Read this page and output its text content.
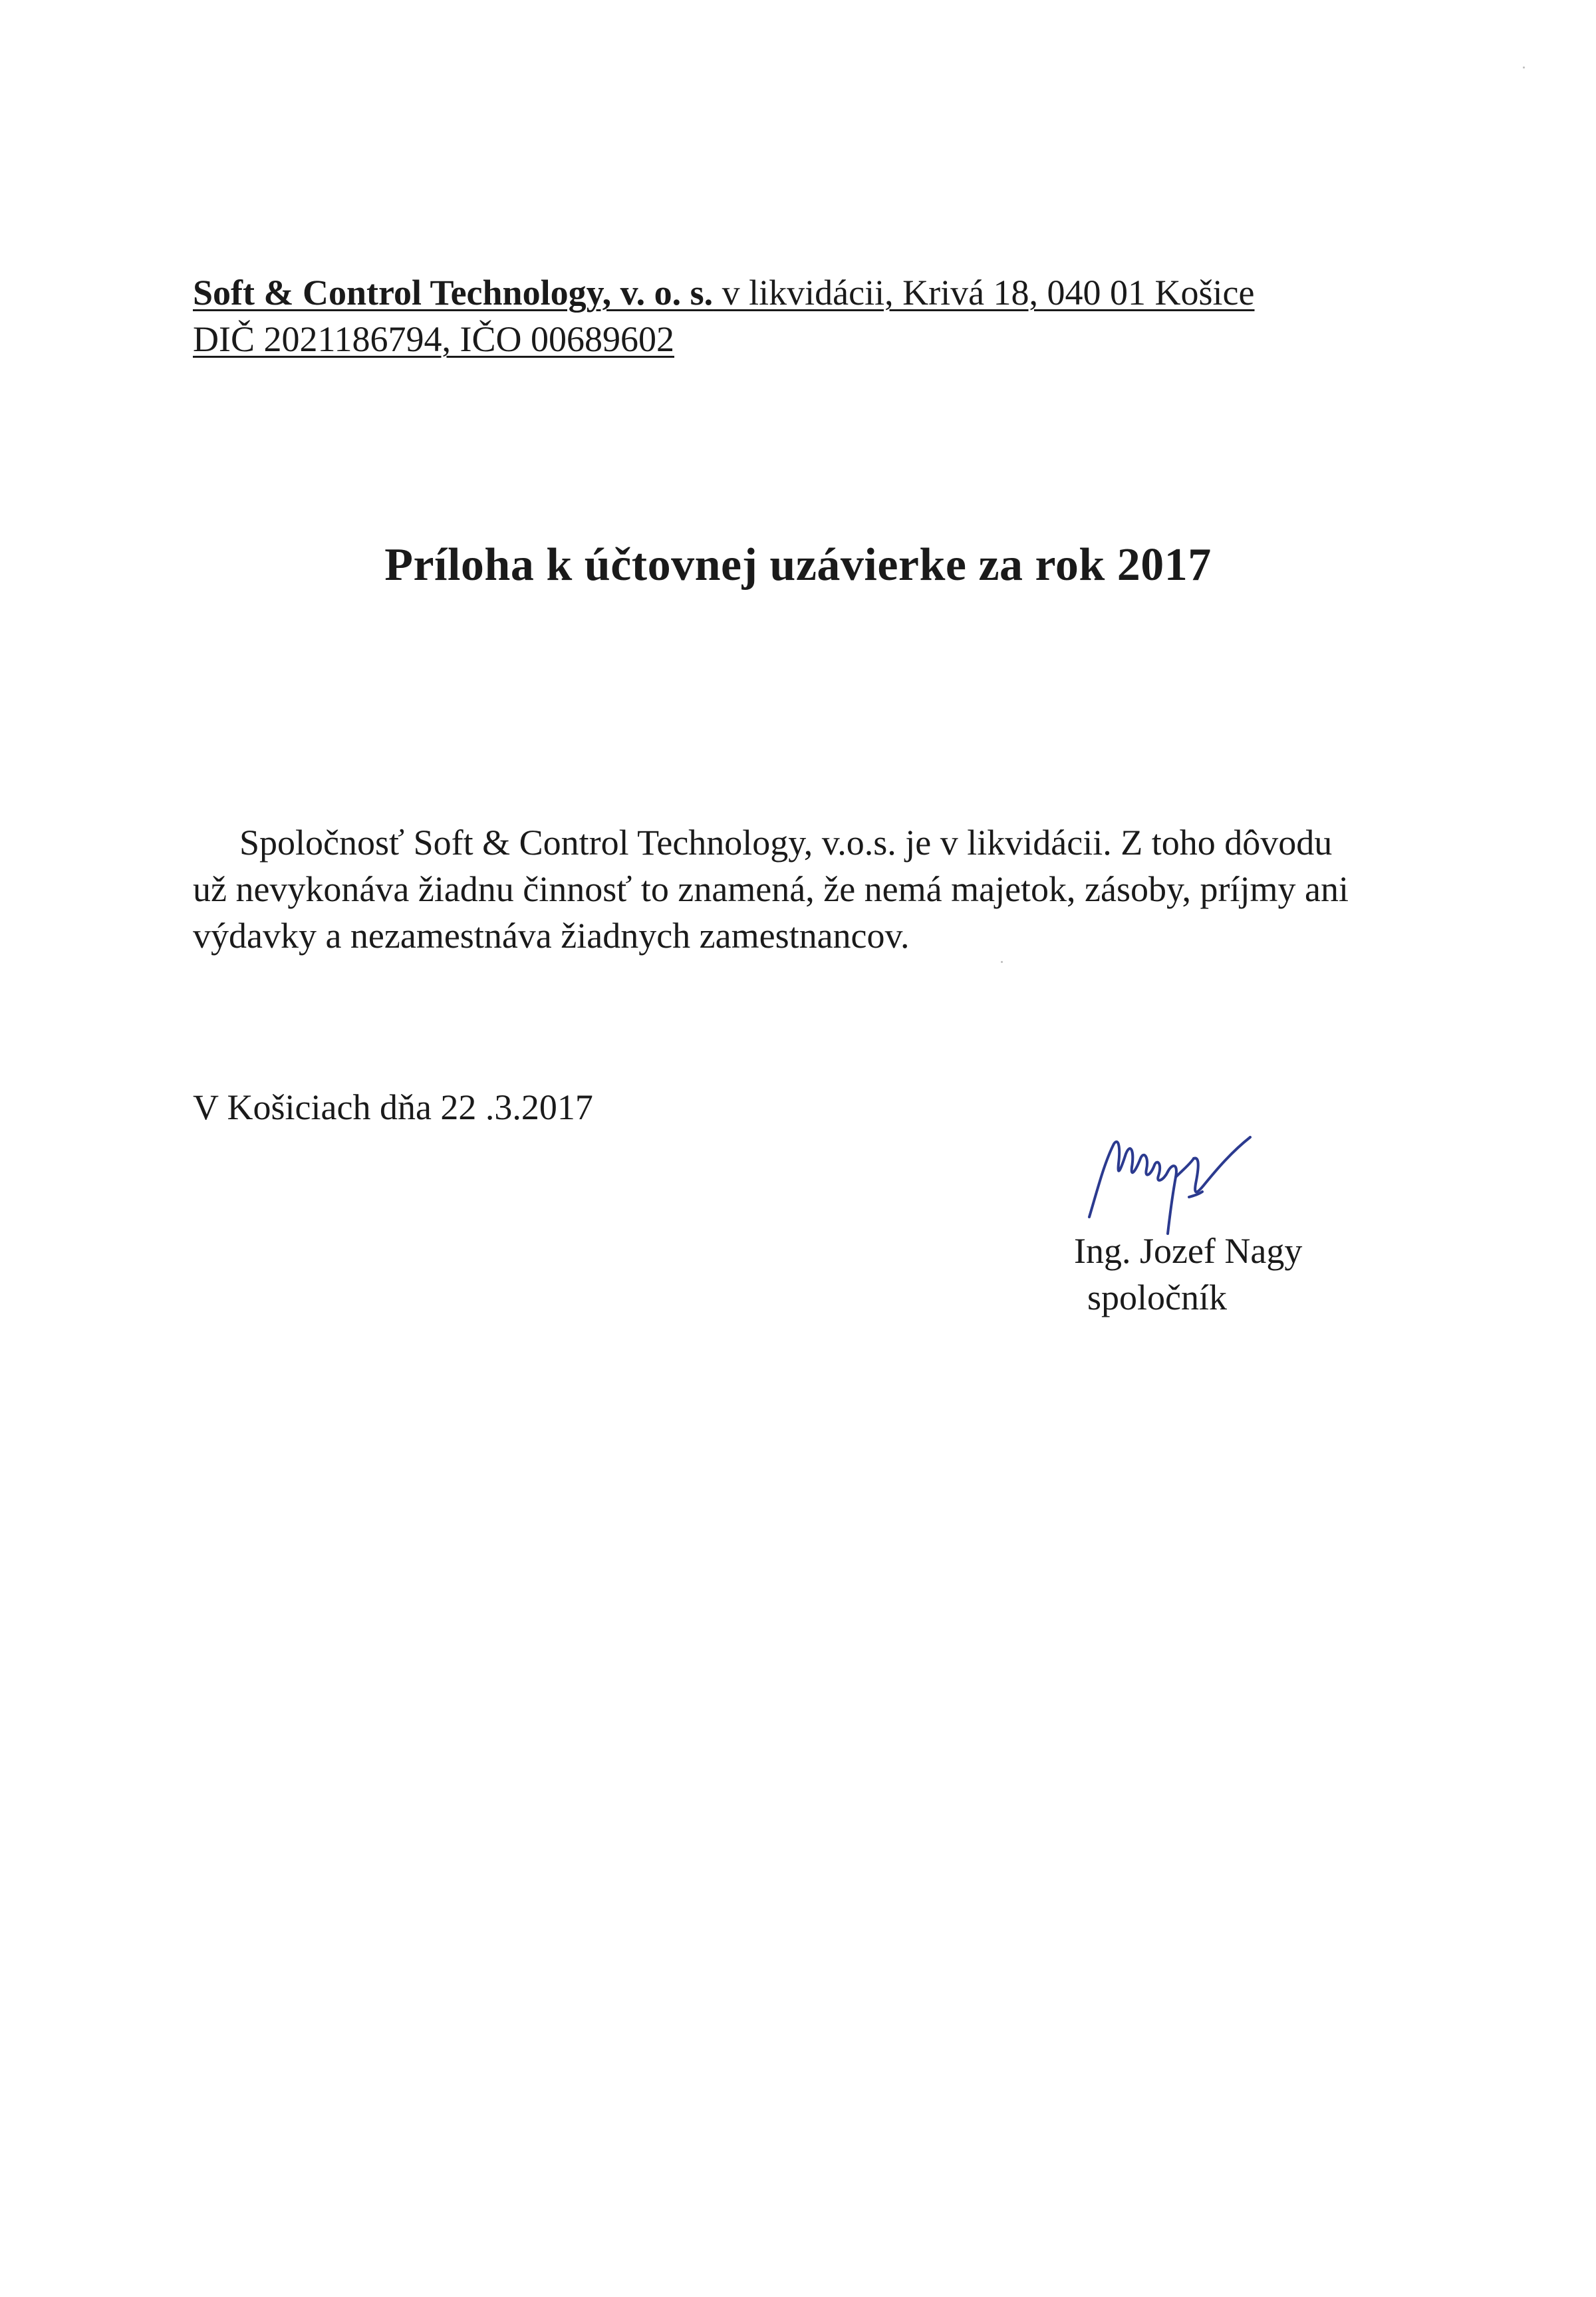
Soft & Control Technology, v. o. s. v likvidácii, Krivá 18, 040 01 Košice
DIČ 2021186794, IČO 00689602
Príloha k účtovnej uzávierke za rok 2017
Spoločnosť Soft & Control Technology, v.o.s. je v likvidácii. Z toho dôvodu
už nevykonáva žiadnu činnosť to znamená, že nemá majetok, zásoby, príjmy ani
výdavky a nezamestnáva žiadnych zamestnancov.
V Košiciach dňa 22 .3.2017
Ing. Jozef Nagy
spoločník
